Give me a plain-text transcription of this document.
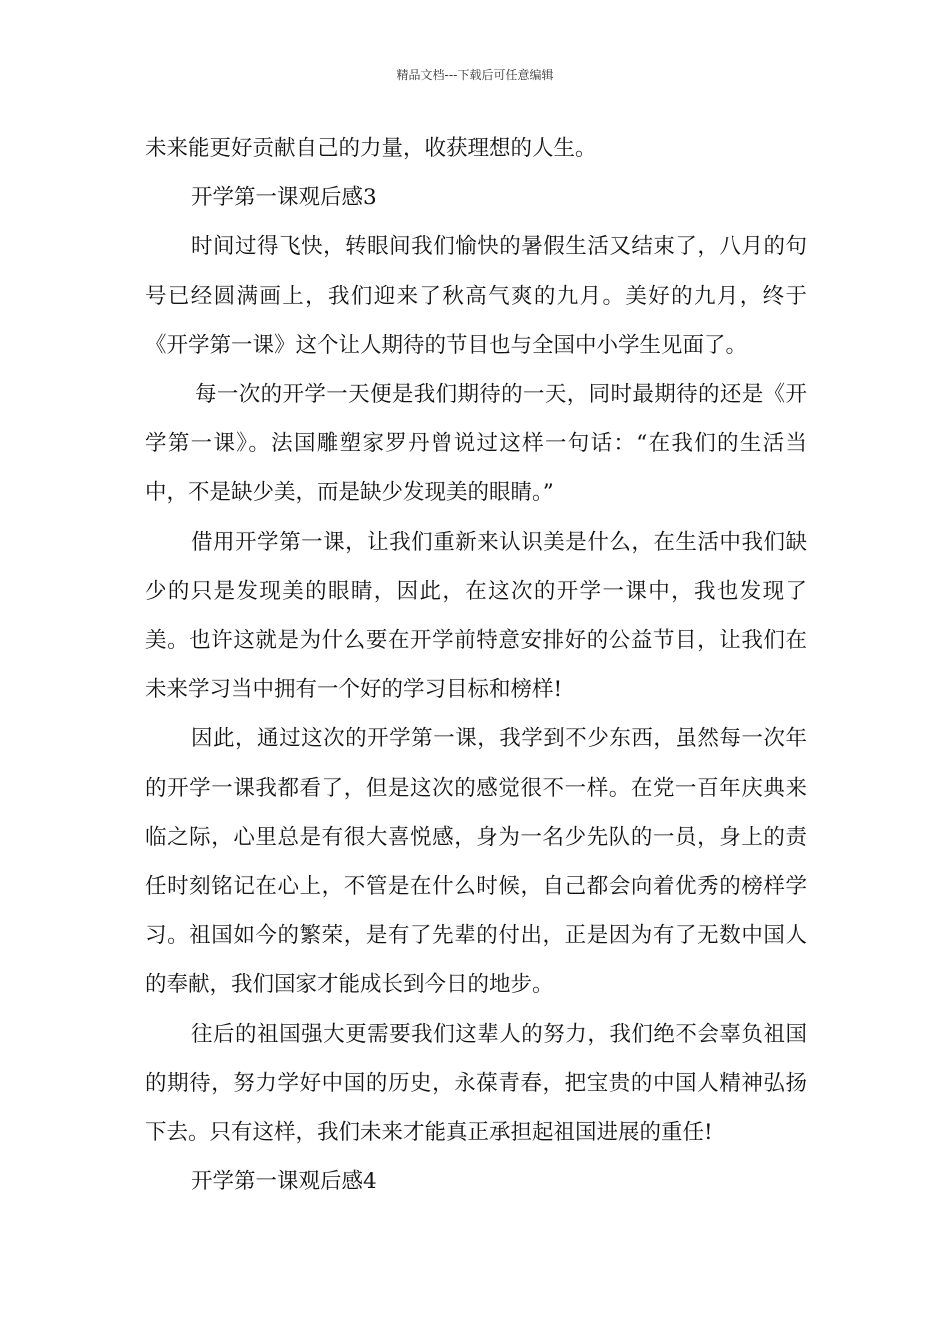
精品文档---下载后可任意编辑

未来能更好贡献自己的力量，收获理想的人生。

开学第一课观后感3

时间过得飞快，转眼间我们愉快的暑假生活又结束了，八月的句号已经圆满画上，我们迎来了秋高气爽的九月。美好的九月，终于《开学第一课》这个让人期待的节目也与全国中小学生见面了。

每一次的开学一天便是我们期待的一天，同时最期待的还是《开学第一课》。法国雕塑家罗丹曾说过这样一句话：“在我们的生活当中，不是缺少美，而是缺少发现美的眼睛。”

借用开学第一课，让我们重新来认识美是什么，在生活中我们缺少的只是发现美的眼睛，因此，在这次的开学一课中，我也发现了美。也许这就是为什么要在开学前特意安排好的公益节目，让我们在未来学习当中拥有一个好的学习目标和榜样!

因此，通过这次的开学第一课，我学到不少东西，虽然每一次年的开学一课我都看了，但是这次的感觉很不一样。在党一百年庆典来临之际，心里总是有很大喜悦感，身为一名少先队的一员，身上的责任时刻铭记在心上，不管是在什么时候，自己都会向着优秀的榜样学习。祖国如今的繁荣，是有了先辈的付出，正是因为有了无数中国人的奉献，我们国家才能成长到今日的地步。

往后的祖国强大更需要我们这辈人的努力，我们绝不会辜负祖国的期待，努力学好中国的历史，永葆青春，把宝贵的中国人精神弘扬下去。只有这样，我们未来才能真正承担起祖国进展的重任!

开学第一课观后感4
